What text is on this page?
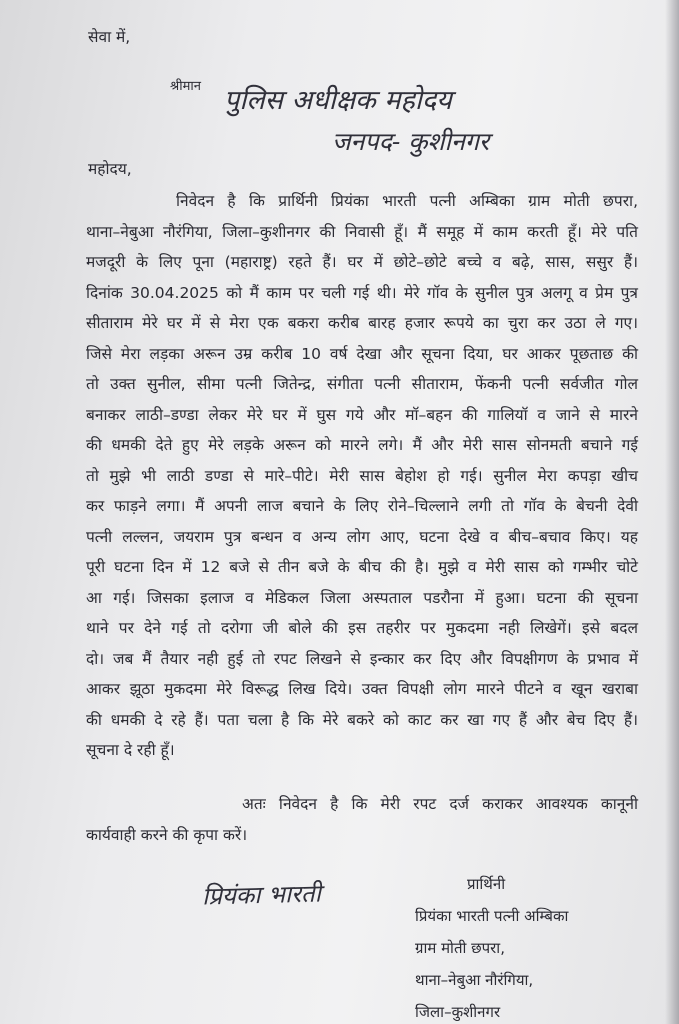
सेवा में,
श्रीमान पुलिस अधीक्षक महोदय
जनपद- कुशीनगर
महोदय,
निवेदन है कि प्रार्थिनी प्रियंका भारती पत्नी अम्बिका ग्राम मोती छपरा,
थाना–नेबुआ नौरंगिया, जिला–कुशीनगर की निवासी हूँ। मैं समूह में काम करती हूँ। मेरे पति
मजदूरी के लिए पूना (महाराष्ट्र) रहते हैं। घर में छोटे–छोटे बच्चे व बढ़े, सास, ससुर हैं।
दिनांक 30.04.2025 को मैं काम पर चली गई थी। मेरे गॉव के सुनील पुत्र अलगू व प्रेम पुत्र
सीताराम मेरे घर में से मेरा एक बकरा करीब बारह हजार रूपये का चुरा कर उठा ले गए।
जिसे मेरा लड़का अरून उम्र करीब 10 वर्ष देखा और सूचना दिया, घर आकर पूछताछ की
तो उक्त सुनील, सीमा पत्नी जितेन्द्र, संगीता पत्नी सीताराम, फेंकनी पत्नी सर्वजीत गोल
बनाकर लाठी–डण्डा लेकर मेरे घर में घुस गये और मॉ–बहन की गालियॉ व जाने से मारने
की धमकी देते हुए मेरे लड़के अरून को मारने लगे। मैं और मेरी सास सोनमती बचाने गई
तो मुझे भी लाठी डण्डा से मारे–पीटे। मेरी सास बेहोश हो गई। सुनील मेरा कपड़ा खीच
कर फाड़ने लगा। मैं अपनी लाज बचाने के लिए रोने–चिल्लाने लगी तो गॉव के बेचनी देवी
पत्नी लल्लन, जयराम पुत्र बन्धन व अन्य लोग आए, घटना देखे व बीच–बचाव किए। यह
पूरी घटना दिन में 12 बजे से तीन बजे के बीच की है। मुझे व मेरी सास को गम्भीर चोटे
आ गई। जिसका इलाज व मेडिकल जिला अस्पताल पडरौना में हुआ। घटना की सूचना
थाने पर देने गई तो दरोगा जी बोले की इस तहरीर पर मुकदमा नही लिखेगें। इसे बदल
दो। जब मैं तैयार नही हुई तो रपट लिखने से इन्कार कर दिए और विपक्षीगण के प्रभाव में
आकर झूठा मुकदमा मेरे विरूद्ध लिख दिये। उक्त विपक्षी लोग मारने पीटने व खून खराबा
की धमकी दे रहे हैं। पता चला है कि मेरे बकरे को काट कर खा गए हैं और बेच दिए हैं।
सूचना दे रही हूँ।
अतः निवेदन है कि मेरी रपट दर्ज कराकर आवश्यक कानूनी
कार्यवाही करने की कृपा करें।
प्रियंका भारती	प्रार्थिनी
प्रियंका भारती पत्नी अम्बिका
ग्राम मोती छपरा,
थाना–नेबुआ नौरंगिया,
जिला–कुशीनगर
